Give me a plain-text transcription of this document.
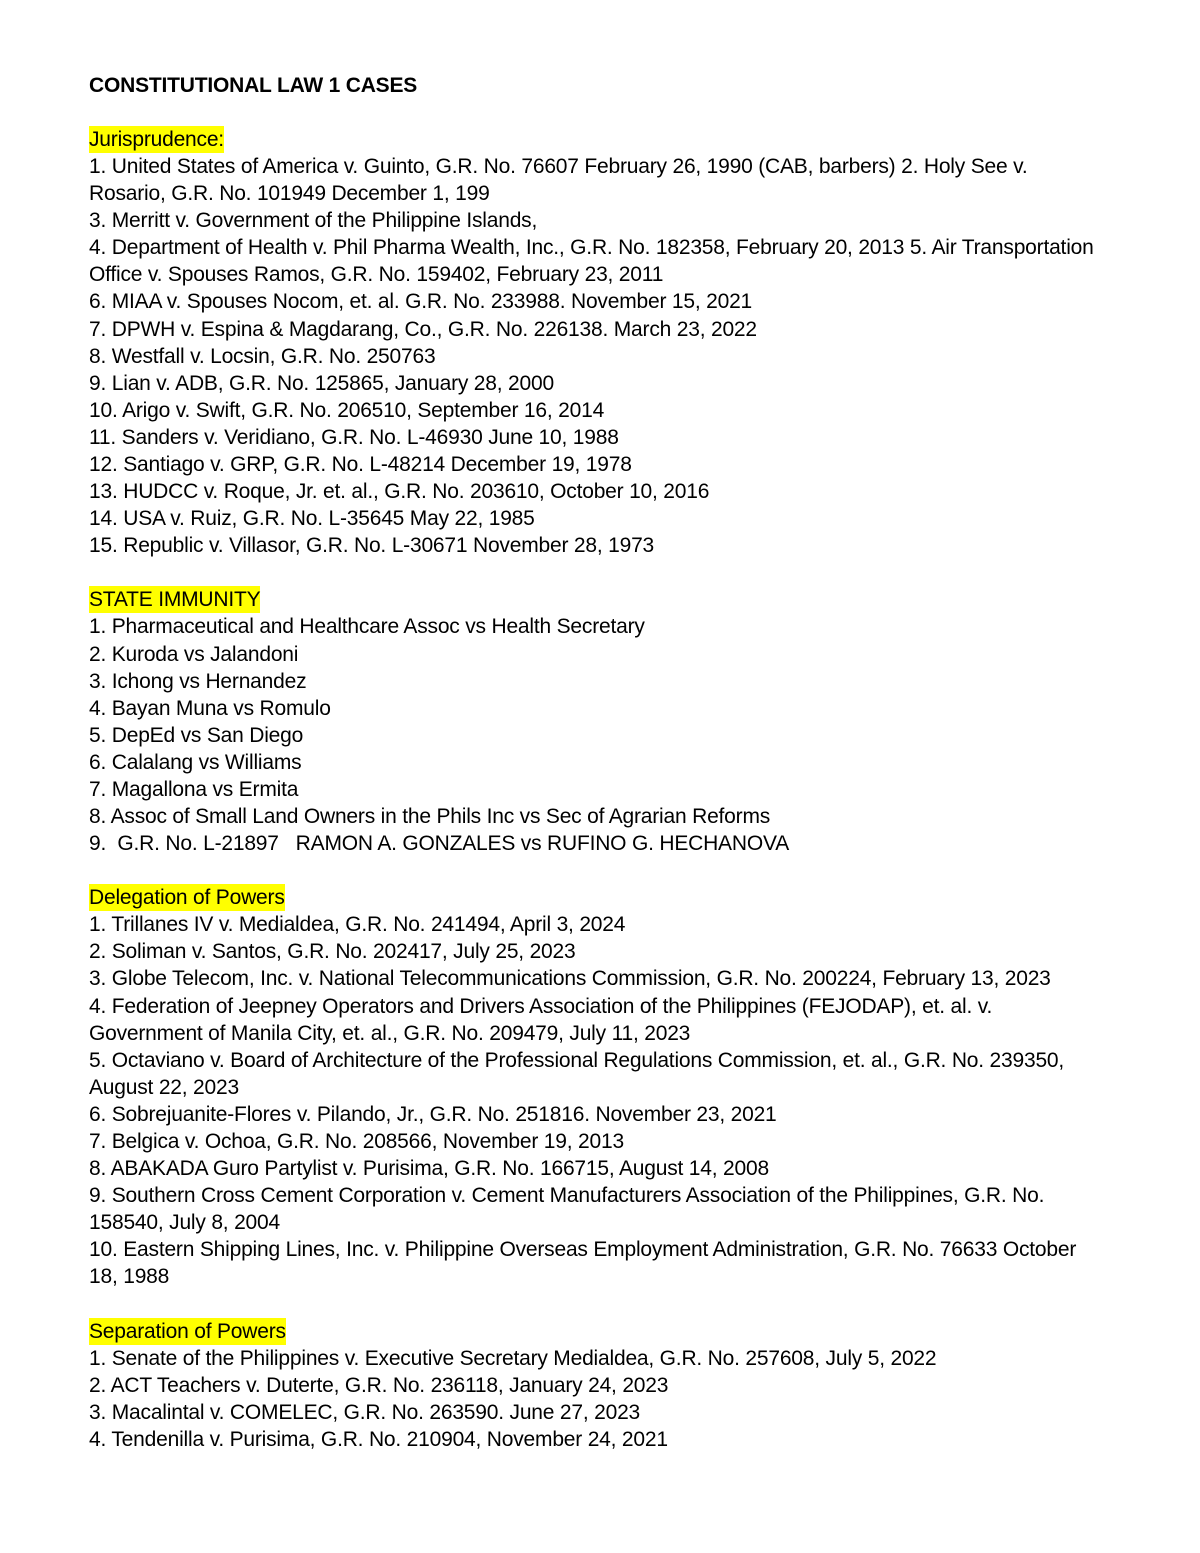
CONSTITUTIONAL LAW 1 CASES
Jurisprudence:
1. United States of America v. Guinto, G.R. No. 76607 February 26, 1990 (CAB, barbers) 2. Holy See v. Rosario, G.R. No. 101949 December 1, 199
3. Merritt v. Government of the Philippine Islands,
4. Department of Health v. Phil Pharma Wealth, Inc., G.R. No. 182358, February 20, 2013 5. Air Transportation Office v. Spouses Ramos, G.R. No. 159402, February 23, 2011
6. MIAA v. Spouses Nocom, et. al. G.R. No. 233988. November 15, 2021
7. DPWH v. Espina & Magdarang, Co., G.R. No. 226138. March 23, 2022
8. Westfall v. Locsin, G.R. No. 250763
9. Lian v. ADB, G.R. No. 125865, January 28, 2000
10. Arigo v. Swift, G.R. No. 206510, September 16, 2014
11. Sanders v. Veridiano, G.R. No. L-46930 June 10, 1988
12. Santiago v. GRP, G.R. No. L-48214 December 19, 1978
13. HUDCC v. Roque, Jr. et. al., G.R. No. 203610, October 10, 2016
14. USA v. Ruiz, G.R. No. L-35645 May 22, 1985
15. Republic v. Villasor, G.R. No. L-30671 November 28, 1973
STATE IMMUNITY
1. Pharmaceutical and Healthcare Assoc vs Health Secretary
2. Kuroda vs Jalandoni
3. Ichong vs Hernandez
4. Bayan Muna vs Romulo
5. DepEd vs San Diego
6. Calalang vs Williams
7. Magallona vs Ermita
8. Assoc of Small Land Owners in the Phils Inc vs Sec of Agrarian Reforms
9.  G.R. No. L-21897   RAMON A. GONZALES vs RUFINO G. HECHANOVA
Delegation of Powers
1. Trillanes IV v. Medialdea, G.R. No. 241494, April 3, 2024
2. Soliman v. Santos, G.R. No. 202417, July 25, 2023
3. Globe Telecom, Inc. v. National Telecommunications Commission, G.R. No. 200224, February 13, 2023
4. Federation of Jeepney Operators and Drivers Association of the Philippines (FEJODAP), et. al. v. Government of Manila City, et. al., G.R. No. 209479, July 11, 2023
5. Octaviano v. Board of Architecture of the Professional Regulations Commission, et. al., G.R. No. 239350, August 22, 2023
6. Sobrejuanite-Flores v. Pilando, Jr., G.R. No. 251816. November 23, 2021
7. Belgica v. Ochoa, G.R. No. 208566, November 19, 2013
8. ABAKADA Guro Partylist v. Purisima, G.R. No. 166715, August 14, 2008
9. Southern Cross Cement Corporation v. Cement Manufacturers Association of the Philippines, G.R. No. 158540, July 8, 2004
10. Eastern Shipping Lines, Inc. v. Philippine Overseas Employment Administration, G.R. No. 76633 October 18, 1988
Separation of Powers
1. Senate of the Philippines v. Executive Secretary Medialdea, G.R. No. 257608, July 5, 2022
2. ACT Teachers v. Duterte, G.R. No. 236118, January 24, 2023
3. Macalintal v. COMELEC, G.R. No. 263590. June 27, 2023
4. Tendenilla v. Purisima, G.R. No. 210904, November 24, 2021
